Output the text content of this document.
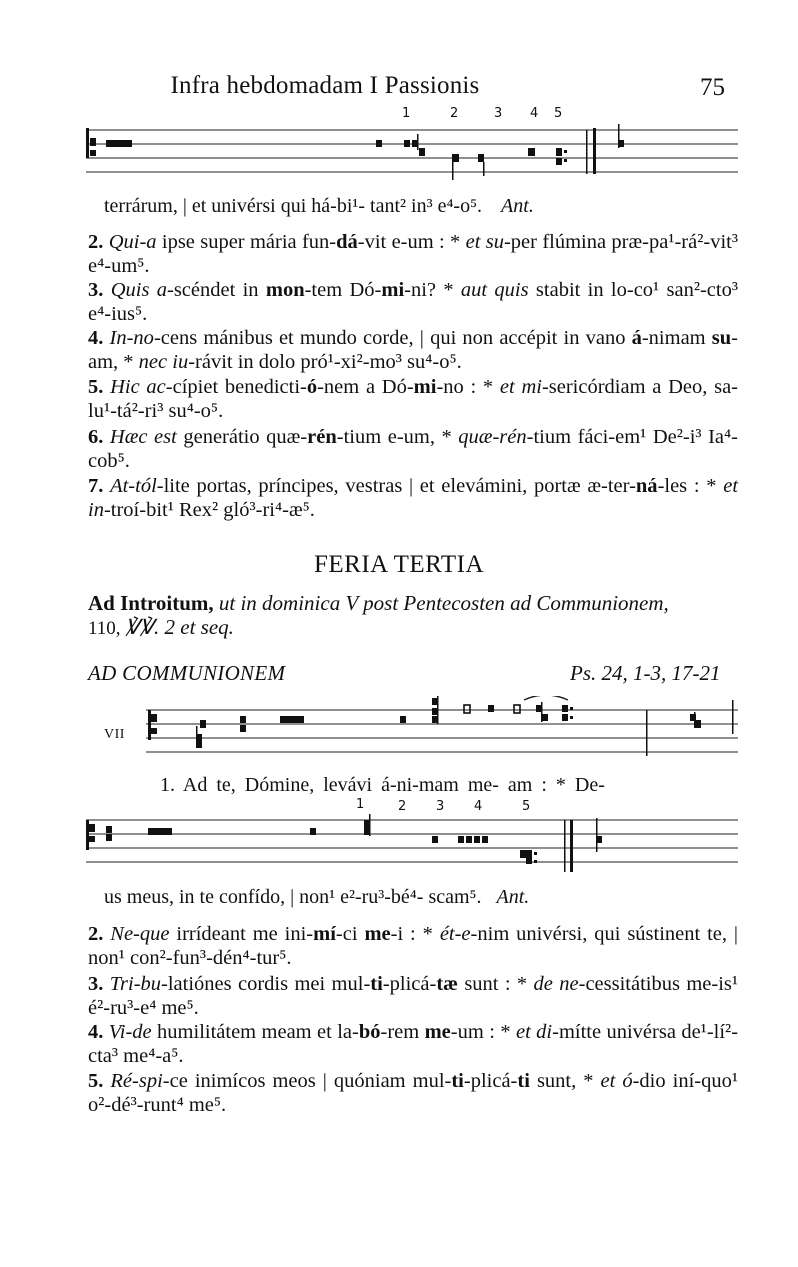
Infra hebdomadam I Passionis	75
1	2	3 4 5
terrárum, | et univérsi qui há-bi¹- tant² in³ e⁴-o⁵. Ant.
2. Qui-a ipse super mária fun-dá-vit e-um : * et su-per flúmina præ-pa¹-rá²-vit³ e⁴-um⁵.
3. Quis a-scéndet in mon-tem Dó-mi-ni? * aut quis stabit in lo-co¹ san²-cto³ e⁴-ius⁵.
4. In-no-cens mánibus et mundo corde, | qui non accépit in vano á-nimam su-am, * nec iu-rávit in dolo pró¹-xi²-mo³ su⁴-o⁵.
5. Hic ac-cípiet benedicti-ó-nem a Dó-mi-no : * et mi-sericórdiam a Deo, sa-lu¹-tá²-ri³ su⁴-o⁵.
6. Hæc est generátio quæ-rén-tium e-um, * quæ-rén-tium fáci-em¹ De²-i³ Ia⁴-cob⁵.
7. At-tól-lite portas, príncipes, vestras | et elevámini, portæ æ-ter-ná-les : * et in-troí-bit¹ Rex² gló³-ri⁴-æ⁵.
FERIA TERTIA
Ad Introitum, ut in dominica V post Pentecosten ad Communionem,
110, ℣℣. 2 et seq.
AD COMMUNIONEM	Ps. 24, 1-3, 17-21
VII
1. Ad te, Dómine, levávi á-ni-mam me- am : * De-
1	2 3 4	5
us meus, in te confído, | non¹ e²-ru³-bé⁴- scam⁵. Ant.
2. Ne-que irrídeant me ini-mí-ci me-i : * ét-e-nim univérsi, qui sústinent te, | non¹ con²-fun³-dén⁴-tur⁵.
3. Tri-bu-latiónes cordis mei mul-ti-plicá-tæ sunt : * de ne-cessitátibus me-is¹ é²-ru³-e⁴ me⁵.
4. Vi-de humilitátem meam et la-bó-rem me-um : * et di-mítte univérsa de¹-lí²-cta³ me⁴-a⁵.
5. Ré-spi-ce inimícos meos | quóniam mul-ti-plicá-ti sunt, * et ó-dio iní-quo¹ o²-dé³-runt⁴ me⁵.
